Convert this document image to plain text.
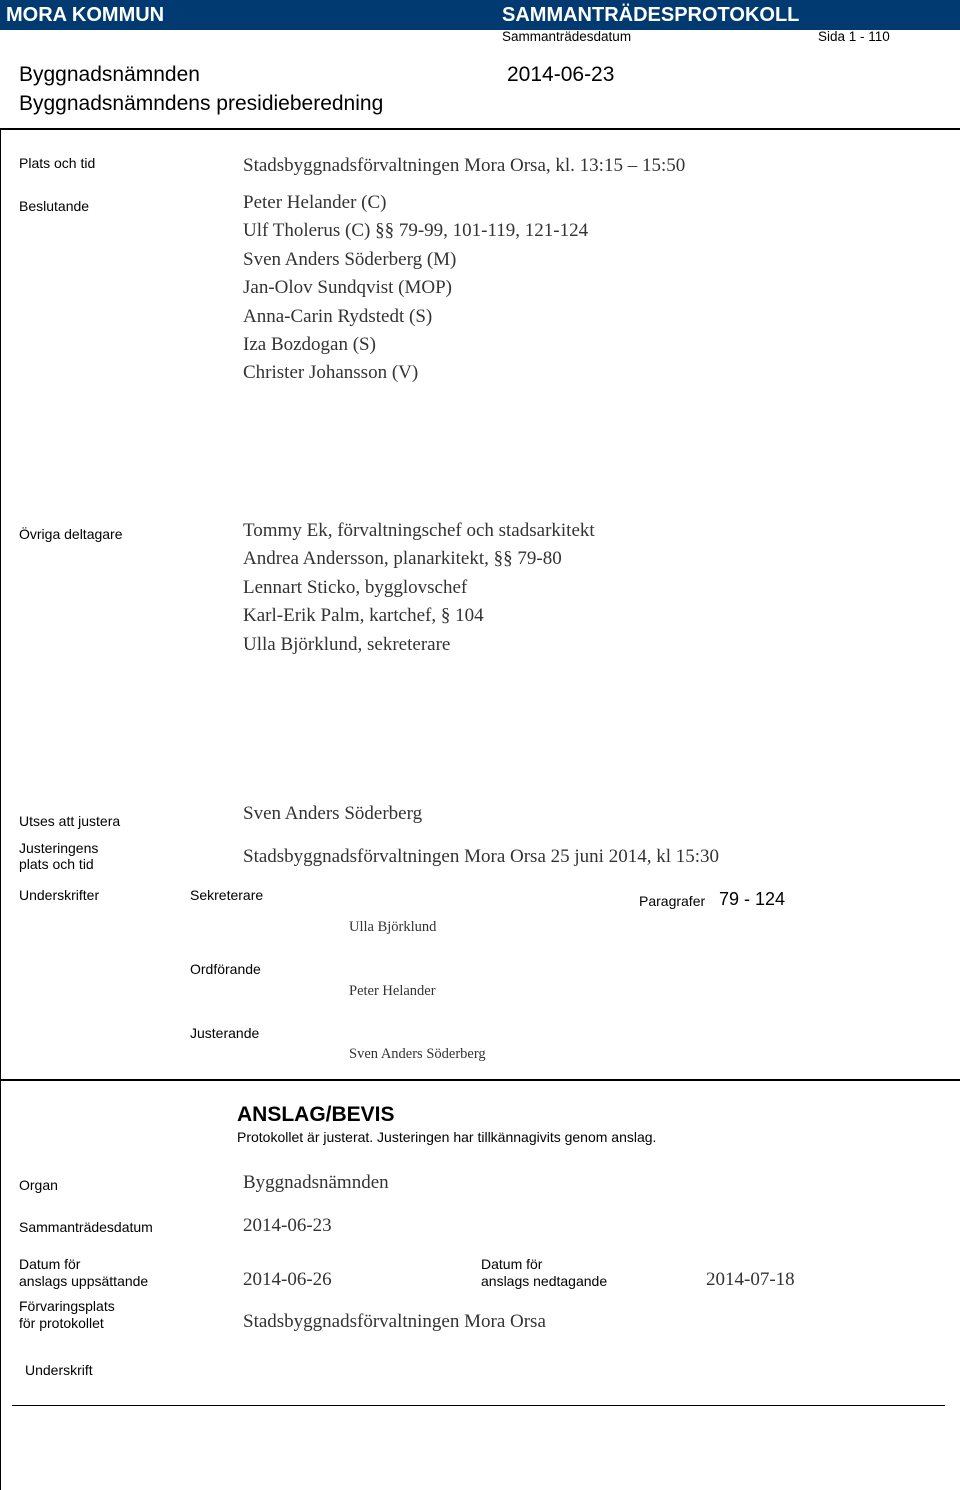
MORA KOMMUN	SAMMANTRÄDESPROTOKOLL
Sammanträdesdatum	Sida 1 - 110
Byggnadsnämnden	2014-06-23
Byggnadsnämndens presidieberedning
Plats och tid	Stadsbyggnadsförvaltningen Mora Orsa, kl. 13:15 – 15:50
Beslutande	Peter Helander (C)
Ulf Tholerus (C) §§ 79-99, 101-119, 121-124
Sven Anders Söderberg (M)
Jan-Olov Sundqvist (MOP)
Anna-Carin Rydstedt (S)
Iza Bozdogan (S)
Christer Johansson (V)
Övriga deltagare	Tommy Ek, förvaltningschef och stadsarkitekt
Andrea Andersson, planarkitekt, §§ 79-80
Lennart Sticko, bygglovschef
Karl-Erik Palm, kartchef, § 104
Ulla Björklund, sekreterare
Utses att justera	Sven Anders Söderberg
Justeringens
plats och tid	Stadsbyggnadsförvaltningen Mora Orsa 25 juni 2014, kl 15:30
Underskrifter	Sekreterare
Ulla Björklund
Paragrafer 79 - 124
Ordförande
Peter Helander
Justerande
Sven Anders Söderberg
ANSLAG/BEVIS
Protokollet är justerat. Justeringen har tillkännagivits genom anslag.
Organ	Byggnadsnämnden
Sammanträdesdatum	2014-06-23
Datum för
anslags uppsättande	2014-06-26
Datum för
anslags nedtagande	2014-07-18
Förvaringsplats
för protokollet	Stadsbyggnadsförvaltningen Mora Orsa
Underskrift
